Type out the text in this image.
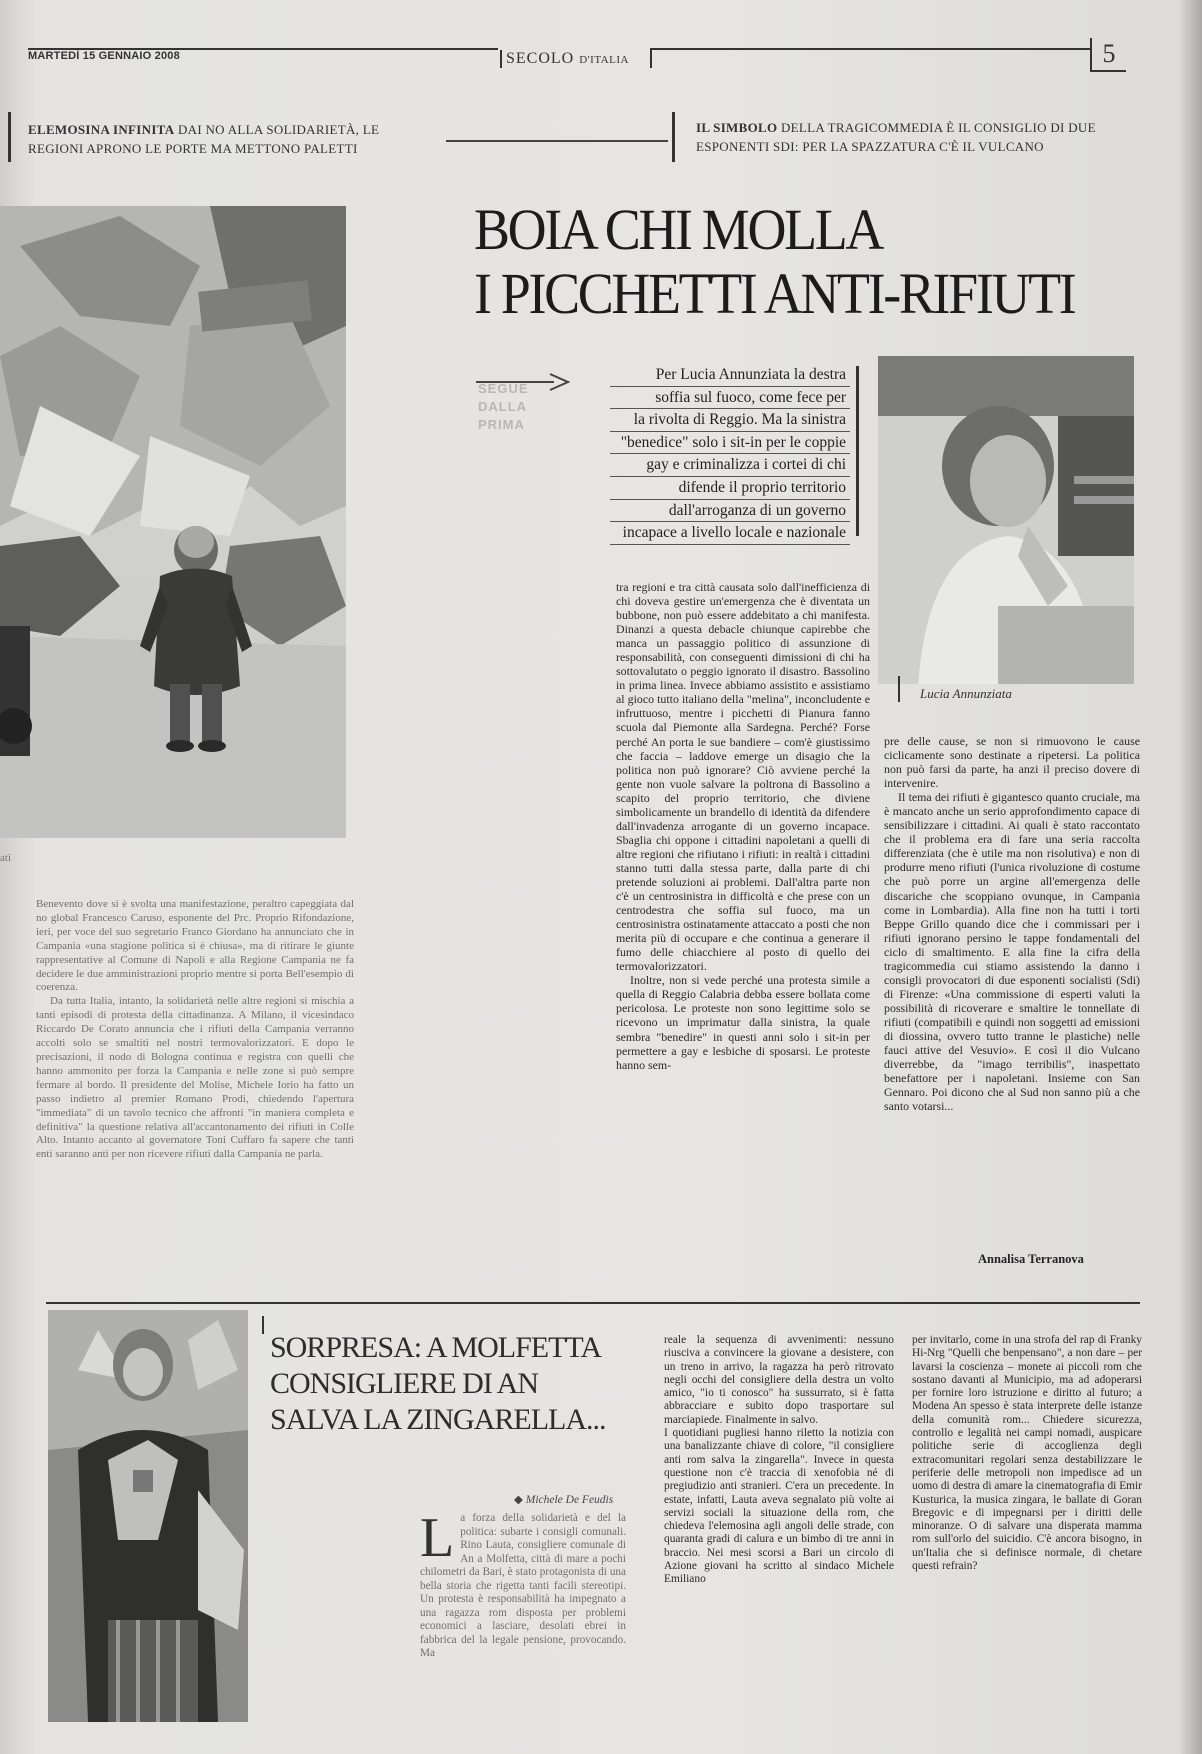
MARTEDÌ 15 GENNAIO 2008	SECOLO D'ITALIA	5
ELEMOSINA INFINITA DAI NO ALLA SOLIDARIETÀ, LE REGIONI APRONO LE PORTE MA METTONO PALETTI
IL SIMBOLO DELLA TRAGICOMMEDIA È IL CONSIGLIO DI DUE ESPONENTI SDI: PER LA SPAZZATURA C'È IL VULCANO
BOIA CHI MOLLA
I PICCHETTI ANTI-RIFIUTI
ati
SEGUE DALLA PRIMA
Per Lucia Annunziata la destra
soffia sul fuoco, come fece per
la rivolta di Reggio. Ma la sinistra
"benedice" solo i sit-in per le coppie
gay e criminalizza i cortei di chi
difende il proprio territorio
dall'arroganza di un governo
incapace a livello locale e nazionale
Lucia Annunziata

Benevento dove si è svolta una manifestazione, peraltro capeggiata dal no global Francesco Caruso, esponente del Prc. Proprio Rifondazione, ieri, per voce del suo segretario Franco Giordano ha annunciato che in Campania «una stagione politica si è chiusa», ma di ritirare le giunte rappresentative al Comune di Napoli e alla Regione Campania ne fa decidere le due amministrazioni proprio mentre si porta Bell'esempio di coerenza.

Da tutta Italia, intanto, la solidarietà nelle altre regioni si mischia a tanti episodi di protesta della cittadinanza. A Milano, il vicesindaco Riccardo De Corato annuncia che i rifiuti della Campania verranno accolti solo se smaltiti nel nostri termovalorizzatori. E dopo le precisazioni, il nodo di Bologna continua e registra con quelli che hanno ammonito per forza la Campania e nelle zone si può sempre fermare al bordo. Il presidente del Molise, Michele Iorio ha fatto un passo indietro al premier Romano Prodi, chiedendo l'apertura "immediata" di un tavolo tecnico che affronti "in maniera completa e definitiva" la questione relativa all'accantonamento dei rifiuti in Colle Alto. Intanto accanto al governatore Toni Cuffaro fa sapere che tanti enti saranno anti per non ricevere rifiuti dalla Campania ne parla.

tra regioni e tra città causata solo dall'inefficienza di chi doveva gestire un'emergenza che è diventata un bubbone, non può essere addebitato a chi manifesta. Dinanzi a questa debacle chiunque capirebbe che manca un passaggio politico di assunzione di responsabilità, con conseguenti dimissioni di chi ha sottovalutato o peggio ignorato il disastro. Bassolino in prima linea. Invece abbiamo assistito e assistiamo al gioco tutto italiano della "melina", inconcludente e infruttuoso, mentre i picchetti di Pianura fanno scuola dal Piemonte alla Sardegna. Perché? Forse perché An porta le sue bandiere – com'è giustissimo che faccia – laddove emerge un disagio che la politica non può ignorare? Ciò avviene perché la gente non vuole salvare la poltrona di Bassolino a scapito del proprio territorio, che diviene simbolicamente un brandello di identità da difendere dall'invadenza arrogante di un governo incapace. Sbaglia chi oppone i cittadini napoletani a quelli di altre regioni che rifiutano i rifiuti: in realtà i cittadini stanno tutti dalla stessa parte, dalla parte di chi pretende soluzioni ai problemi. Dall'altra parte non c'è un centrosinistra in difficoltà e che prese con un centrodestra che soffia sul fuoco, ma un centrosinistra ostinatamente attaccato a posti che non merita più di occupare e che continua a generare il fumo delle chiacchiere al posto di quello dei termovalorizzatori.

Inoltre, non si vede perché una protesta simile a quella di Reggio Calabria debba essere bollata come pericolosa. Le proteste non sono legittime solo se ricevono un imprimatur dalla sinistra, la quale sembra "benedire" in questi anni solo i sit-in per permettere a gay e lesbiche di sposarsi. Le proteste hanno sem-

pre delle cause, se non si rimuovono le cause ciclicamente sono destinate a ripetersi. La politica non può farsi da parte, ha anzi il preciso dovere di intervenire.

Il tema dei rifiuti è gigantesco quanto cruciale, ma è mancato anche un serio approfondimento capace di sensibilizzare i cittadini. Ai quali è stato raccontato che il problema era di fare una seria raccolta differenziata (che è utile ma non risolutiva) e non di produrre meno rifiuti (l'unica rivoluzione di costume che può porre un argine all'emergenza delle discariche che scoppiano ovunque, in Campania come in Lombardia). Alla fine non ha tutti i torti Beppe Grillo quando dice che i commissari per i rifiuti ignorano persino le tappe fondamentali del ciclo di smaltimento. E alla fine la cifra della tragicommedia cui stiamo assistendo la danno i consigli provocatori di due esponenti socialisti (Sdi) di Firenze: «Una commissione di esperti valuti la possibilità di ricoverare e smaltire le tonnellate di rifiuti (compatibili e quindi non soggetti ad emissioni di diossina, ovvero tutto tranne le plastiche) nelle fauci attive del Vesuvio». E così il dio Vulcano diverrebbe, da "imago terribilis", inaspettato benefattore per i napoletani. Insieme con San Gennaro. Poi dicono che al Sud non sanno più a che santo votarsi...

Annalisa Terranova
SORPRESA: A MOLFETTA CONSIGLIERE DI AN SALVA LA ZINGARELLA...
◆ Michele De Feudis
La forza della solidarietà e del la politica: subarte i consigli comunali. Rino Lauta, consigliere comunale di An a Molfetta, città di mare a pochi chilometri da Bari, è stato protagonista di una bella storia che rigetta tanti facili stereotipi. Un protesta è responsabilità ha impegnato a una ragazza rom disposta per problemi economici a lasciare, desolati ebrei in fabbrica del la legale pensione, provocando. Ma
reale la sequenza di avvenimenti: nessuno riusciva a convincere la giovane a desistere, con un treno in arrivo, la ragazza ha però ritrovato negli occhi del consigliere della destra un volto amico, "io ti conosco" ha sussurrato, si è fatta abbracciare e subito dopo trasportare sul marciapiede. Finalmente in salvo.
I quotidiani pugliesi hanno riletto la notizia con una banalizzante chiave di colore, "il consigliere anti rom salva la zingarella". Invece in questa questione non c'è traccia di xenofobia né di pregiudizio anti stranieri. C'era un precedente. In estate, infatti, Lauta aveva segnalato più volte ai servizi sociali la situazione della rom, che chiedeva l'elemosina agli angoli delle strade, con quaranta gradi di calura e un bimbo di tre anni in braccio. Nei mesi scorsi a Bari un circolo di Azione giovani ha scritto al sindaco Michele Emiliano
per invitarlo, come in una strofa del rap di Franky Hi-Nrg "Quelli che benpensano", a non dare – per lavarsi la coscienza – monete ai piccoli rom che sostano davanti al Municipio, ma ad adoperarsi per fornire loro istruzione e diritto al futuro; a Modena An spesso è stata interprete delle istanze della comunità rom... Chiedere sicurezza, controllo e legalità nei campi nomadi, auspicare politiche serie di accoglienza degli extracomunitari regolari senza destabilizzare le periferie delle metropoli non impedisce ad un uomo di destra di amare la cinematografia di Emir Kusturica, la musica zingara, le ballate di Goran Bregovic e di impegnarsi per i diritti delle minoranze. O di salvare una disperata mamma rom sull'orlo del suicidio. C'è ancora bisogno, in un'Italia che si definisce normale, di chetare questi refrain?
